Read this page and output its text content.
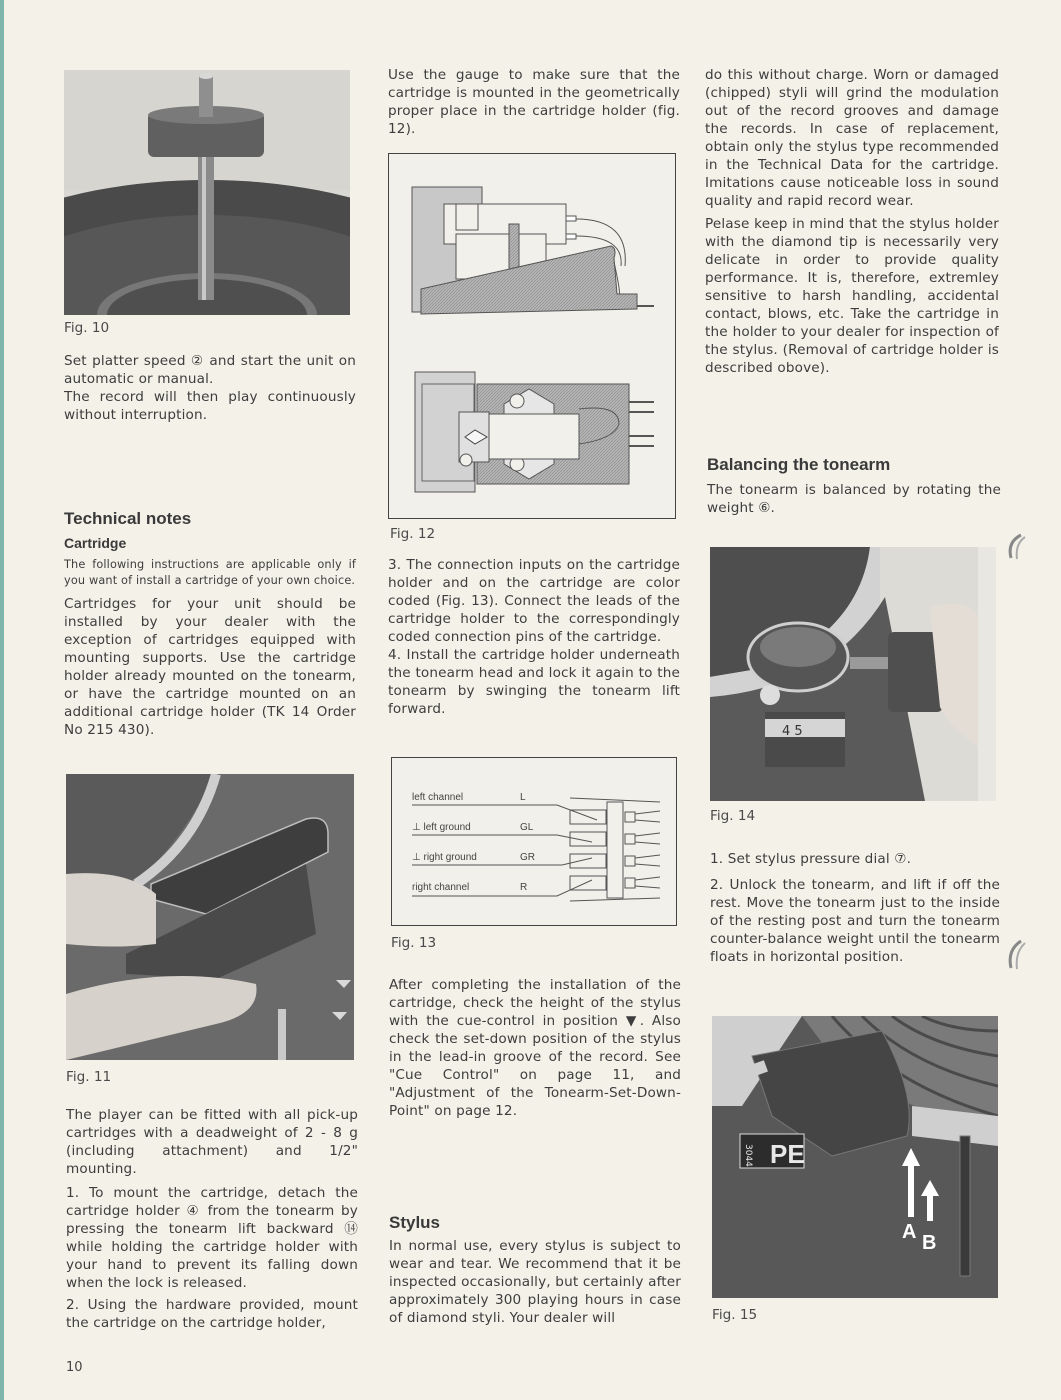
Fig. 10

Set platter speed ② and start the unit on automatic or manual.

The record will then play continuously without interruption.

Technical notes
Cartridge

The following instructions are applicable only if you want of install a cartridge of your own choice.

Cartridges for your unit should be installed by your dealer with the exception of cartridges equipped with mounting supports. Use the cartridge holder already mounted on the tonearm, or have the cartridge mounted on an additional cartridge holder (TK 14 Order No 215 430).

Fig. 11

The player can be fitted with all pick-up cartridges with a deadweight of 2 - 8 g (including attachment) and 1/2" mounting.

1. To mount the cartridge, detach the cartridge holder ④ from the tonearm by pressing the tonearm lift backward ⑭ while holding the cartridge holder with your hand to prevent its falling down when the lock is released.

2. Using the hardware provided, mount the cartridge on the cartridge holder,

Use the gauge to make sure that the cartridge is mounted in the geometrically proper place in the cartridge holder (fig. 12).

Fig. 12

3. The connection inputs on the cartridge holder and on the cartridge are color coded (Fig. 13). Connect the leads of the cartridge holder to the correspondingly coded connection pins of the cartridge.

4. Install the cartridge holder underneath the tonearm head and lock it again to the tonearm by swinging the tonearm lift forward.

left channel	L
⊥ left ground	GL
⊥ right ground	GR
right channel	R
Fig. 13

After completing the installation of the cartridge, check the height of the stylus with the cue-control in position ▼. Also check the set-down position of the stylus in the lead-in groove of the record. See "Cue Control" on page 11, and "Adjustment of the Tonearm-Set-Down-Point" on page 12.

Stylus

In normal use, every stylus is subject to wear and tear. We recommend that it be inspected occasionally, but certainly after approximately 300 playing hours in case of diamond styli. Your dealer will

do this without charge. Worn or damaged (chipped) styli will grind the modulation out of the record grooves and damage the records. In case of replacement, obtain only the stylus type recommended in the Technical Data for the cartridge. Imitations cause noticeable loss in sound quality and rapid record wear.

Pelase keep in mind that the stylus holder with the diamond tip is necessarily very delicate in order to provide quality performance. It is, therefore, extremley sensitive to harsh handling, accidental contact, blows, etc. Take the cartridge in the holder to your dealer for inspection of the stylus. (Removal of cartridge holder is described obove).

Balancing the tonearm

The tonearm is balanced by rotating the weight ⑥.

4 5
Fig. 14

1. Set stylus pressure dial ⑦.

2. Unlock the tonearm, and lift if off the rest. Move the tonearm just to the inside of the resting post and turn the tonearm counter-balance weight until the tonearm floats in horizontal position.

PE
3044
A B
Fig. 15
10
